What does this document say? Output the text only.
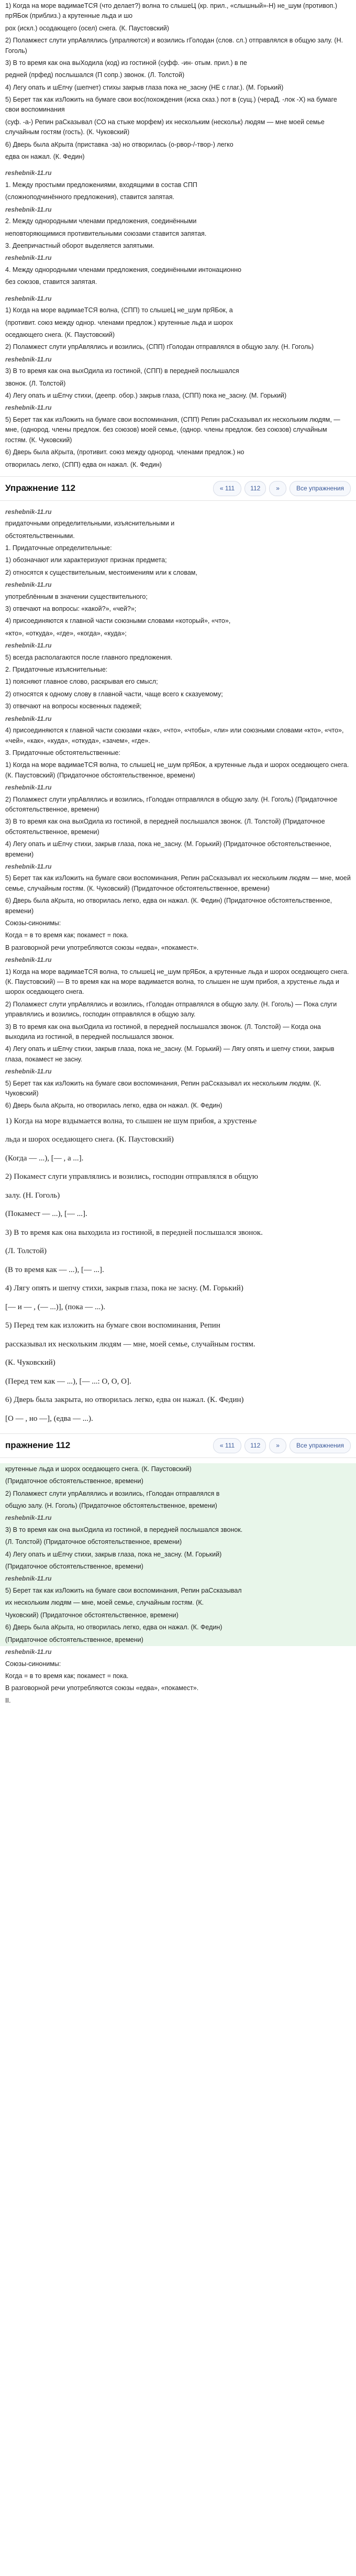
1) Когда на море вадимаеТСЯ (что делает?) волна то слышеЦ (кр. прил., «слышный»-Н) не_шум (противоп.) прЯБок (приблиз.) а крутенные льда и шо

рох (искл.) осодающего (осел) снега. (К. Паустовский)

2) Поламжест слути упрАвлялись (упраляются) и возились гГолодан (слов. сл.) отправлялся в общую залу. (Н. Гоголь)

3) В то время как она выХодила (код) из гостиной (суфф. -ин- отым. прил.) в пе

редней (прфед) послышался (П сопр.) звонок. (Л. Толстой)

4) Легу опать и шЕпчу (шепчет) стихы закрыв глаза пока не_засну (НЕ с глаг.). (М. Горький)

5) Берет так как изЛожить на бумаге свои вос(похождения (иска сказ.) пот в (сущ.) (чераД. -лок -Х) на бумаге свои воспоминания

(суф. -а-) Репин раСказывал (СО на стыке морфем) их нескольким (нескольк) людям — мне моей семье случайным гостям (гость). (К. Чуковский)

6) Дверь была аКрыта (приставка -за) но отворилась (o-рвор-/-твор-) легко

едва он нажал. (К. Федин)

reshebnik-11.ru

1. Между простыми предложениями, входящими в состав СПП

(сложноподчинённого предложения), ставится запятая.

reshebnik-11.ru

2. Между однородными членами предложения, соединёнными

неповторяющимися противительными союзами ставится запятая.

3. Деепричастный оборот выделяется запятыми.

reshebnik-11.ru

4. Между однородными членами предложения, соединёнными интонационно

без союзов, ставится запятая.

reshebnik-11.ru

1) Когда на море вадимаеТСЯ волна, (СПП) то слышеЦ не_шум прЯБок, а

(противит. союз между однор. членами предлож.) крутенные льда и шорох

оседающего снега. (К. Паустовский)

2) Поламжест слути упрАвлялись и возились, (СПП) гГолодан отправлялся в общую залу. (Н. Гоголь)

reshebnik-11.ru

3) В то время как она выхОдила из гостиной, (СПП) в передней послышался

звонок. (Л. Толстой)

4) Легу опать и шЕпчу стихи, (деепр. обор.) закрыв глаза, (СПП) пока не_засну. (М. Горький)

reshebnik-11.ru

5) Берет так как изЛожить на бумаге свои воспоминания, (СПП) Репин раСсказывал их нескольким людям, — мне, (однород. члены предлож. без союзов) моей семье, (однор. члены предлож. без союзов) случайным гостям. (К. Чуковский)

6) Дверь была аКрыта, (противит. союз между однород. членами предлож.) но

отворилась легко, (СПП) едва он нажал. (К. Федин)

Упражнение 112	« 111	112	»	Все упражнения

reshebnik-11.ru

придаточными определительными, изъяснительными и

обстоятельственными.

1. Придаточные определительные:

1) обозначают или характеризуют признак предмета;

2) относятся к существительным, местоимениям или к словам,

reshebnik-11.ru

употреблённым в значении существительного;

3) отвечают на вопросы: «какой?», «чей?»;

4) присоединяются к главной части союзными словами «который», «что»,

«кто», «откуда», «где», «когда», «куда»;

reshebnik-11.ru

5) всегда располагаются после главного предложения.

2. Придаточные изъяснительные:

1) поясняют главное слово, раскрывая его смысл;

2) относятся к одному слову в главной части, чаще всего к сказуемому;

3) отвечают на вопросы косвенных падежей;

reshebnik-11.ru

4) присоединяются к главной части союзами «как», «что», «чтобы», «ли» или союзными словами «кто», «что», «чей», «как», «куда», «откуда», «зачем», «где».

3. Придаточные обстоятельственные:

1) Когда на море вадимаеТСЯ волна, то слышеЦ не_шум прЯБок, а крутенные льда и шорох оседающего снега. (К. Паустовский) (Придаточное обстоятельственное, времени)

reshebnik-11.ru

2) Поламжест слути упрАвлялись и возились, гГолодан отправлялся в общую залу. (Н. Гоголь) (Придаточное обстоятельственное, времени)

3) В то время как она выхОдила из гостиной, в передней послышался звонок. (Л. Толстой) (Придаточное обстоятельственное, времени)

4) Легу опать и шЕпчу стихи, закрыв глаза, пока не_засну. (М. Горький) (Придаточное обстоятельственное, времени)

reshebnik-11.ru

5) Берет так как изЛожить на бумаге свои воспоминания, Репин раСсказывал их нескольким людям — мне, моей семье, случайным гостям. (К. Чуковский) (Придаточное обстоятельственное, времени)

6) Дверь была аКрыта, но отворилась легко, едва он нажал. (К. Федин) (Придаточное обстоятельственное, времени)

Союзы-синонимы:

Когда = в то время как; покамест = пока.

В разговорной речи употребляются союзы «едва», «покамест».

reshebnik-11.ru

1) Когда на море вадимаеТСЯ волна, то слышеЦ не_шум прЯБок, а крутенные льда и шорох оседающего снега. (К. Паустовский) — В то время как на море вадимается волна, то слышен не шум прибоя, а хрустенье льда и шорох оседающего снега.

2) Поламжест слути упрАвлялись и возились, гГолодан отправлялся в общую залу. (Н. Гоголь) — Пока слуги управлялись и возились, господин отправлялся в общую залу.

3) В то время как она выхОдила из гостиной, в передней послышался звонок. (Л. Толстой) — Когда она выходила из гостиной, в передней послышался звонок.

4) Легу опать и шЕпчу стихи, закрыв глаза, пока не_засну. (М. Горький) — Лягу опять и шепчу стихи, закрыв глаза, покамест не засну.

reshebnik-11.ru

5) Берет так как изЛожить на бумаге свои воспоминания, Репин раСсказывал их нескольким людям. (К. Чуковский)

6) Дверь была аКрыта, но отворилась легко, едва он нажал. (К. Федин)

1) Когда на море вздымается волна, то слышен не шум прибоя, а хрустенье

льда и шорох оседающего снега. (К. Паустовский)

(Когда — ...), [— , а ...].

2) Покамест слуги управлялись и возились, господин отправлялся в общую

залу. (Н. Гоголь)

(Покамест — ...), [— ...].

3) В то время как она выходила из гостиной, в передней послышался звонок.

(Л. Толстой)

(В то время как — ...), [— ...].

4) Лягу опять и шепчу стихи, закрыв глаза, пока не засну. (М. Горький)

[— и — , (— ...)], (пока — ...).

5) Перед тем как изложить на бумаге свои воспоминания, Репин

рассказывал их нескольким людям — мне, моей семье, случайным гостям.

(К. Чуковский)

(Перед тем как — ...), [— ...: O, O, O].

6) Дверь была закрыта, но отворилась легко, едва он нажал. (К. Федин)

[O — , но —], (едва — ...).

пражнение 112	« 111	112	»	Все упражнения

крутенные льда и шорох оседающего снега. (К. Паустовский)

(Придаточное обстоятельственное, времени)

2) Поламжест слути упрАвлялись и возились, гГолодан отправлялся в

общую залу. (Н. Гоголь) (Придаточное обстоятельственное, времени)

reshebnik-11.ru

3) В то время как она выхОдила из гостиной, в передней послышался звонок.

(Л. Толстой) (Придаточное обстоятельственное, времени)

4) Легу опать и шЕпчу стихи, закрыв глаза, пока не_засну. (М. Горький)

(Придаточное обстоятельственное, времени)

reshebnik-11.ru

5) Берет так как изЛожить на бумаге свои воспоминания, Репин раСсказывал

их нескольким людям — мне, моей семье, случайным гостям. (К.

Чуковский) (Придаточное обстоятельственное, времени)

6) Дверь была аКрыта, но отворилась легко, едва он нажал. (К. Федин)

(Придаточное обстоятельственное, времени)

reshebnik-11.ru

Союзы-синонимы:

Когда = в то время как; покамест = пока.

В разговорной речи употребляются союзы «едва», «покамест».

II.
